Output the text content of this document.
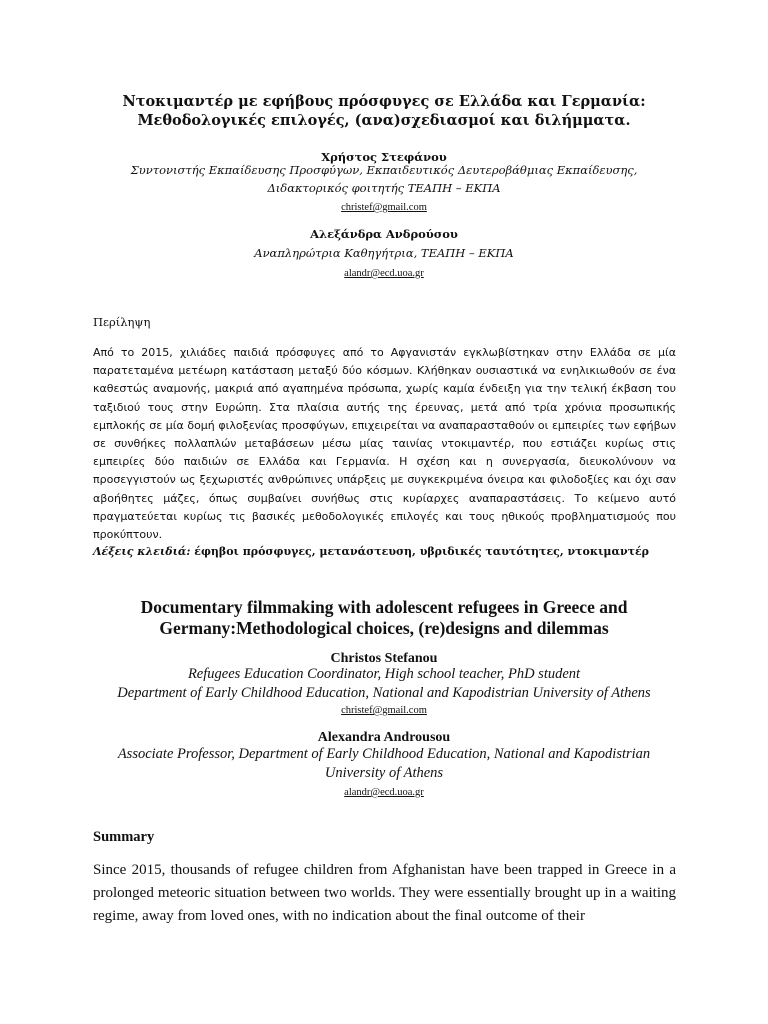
Ντοκιμαντέρ με εφήβους πρόσφυγες σε Ελλάδα και Γερμανία:
Μεθοδολογικές επιλογές, (ανα)σχεδιασμοί και διλήμματα.
Χρήστος Στεφάνου
Συντονιστής Εκπαίδευσης Προσφύγων, Εκπαιδευτικός Δευτεροβάθμιας Εκπαίδευσης,
Διδακτορικός φοιτητής ΤΕΑΠΗ – ΕΚΠΑ
christef@gmail.com
Αλεξάνδρα Ανδρούσου
Αναπληρώτρια Καθηγήτρια, ΤΕΑΠΗ – ΕΚΠΑ
alandr@ecd.uoa.gr
Περίληψη

Από το 2015, χιλιάδες παιδιά πρόσφυγες από το Αφγανιστάν εγκλωβίστηκαν στην Ελλάδα σε μία παρατεταμένα μετέωρη κατάσταση μεταξύ δύο κόσμων. Κλήθηκαν ουσιαστικά να ενηλικιωθούν σε ένα καθεστώς αναμονής, μακριά από αγαπημένα πρόσωπα, χωρίς καμία ένδειξη για την τελική έκβαση του ταξιδιού τους στην Ευρώπη. Στα πλαίσια αυτής της έρευνας, μετά από τρία χρόνια προσωπικής εμπλοκής σε μία δομή φιλοξενίας προσφύγων, επιχειρείται να αναπαρασταθούν οι εμπειρίες των εφήβων σε συνθήκες πολλαπλών μεταβάσεων μέσω μίας ταινίας ντοκιμαντέρ, που εστιάζει κυρίως στις εμπειρίες δύο παιδιών σε Ελλάδα και Γερμανία. Η σχέση και η συνεργασία, διευκολύνουν να προσεγγιστούν ως ξεχωριστές ανθρώπινες υπάρξεις με συγκεκριμένα όνειρα και φιλοδοξίες και όχι σαν αβοήθητες μάζες, όπως συμβαίνει συνήθως στις κυρίαρχες αναπαραστάσεις. Το κείμενο αυτό πραγματεύεται κυρίως τις βασικές μεθοδολογικές επιλογές και τους ηθικούς προβληματισμούς που προκύπτουν.

Λέξεις κλειδιά: έφηβοι πρόσφυγες, μετανάστευση, υβριδικές ταυτότητες, ντοκιμαντέρ
Documentary filmmaking with adolescent refugees in Greece and
Germany:Methodological choices, (re)designs and dilemmas
Christos Stefanou
Refugees Education Coordinator, High school teacher, PhD student
Department of Early Childhood Education, National and Kapodistrian University of Athens
christef@gmail.com
Alexandra Androusou
Associate Professor, Department of Early Childhood Education, National and Kapodistrian
University of Athens
alandr@ecd.uoa.gr
Summary

Since 2015, thousands of refugee children from Afghanistan have been trapped in Greece in a prolonged meteoric situation between two worlds. They were essentially brought up in a waiting regime, away from loved ones, with no indication about the final outcome of their
